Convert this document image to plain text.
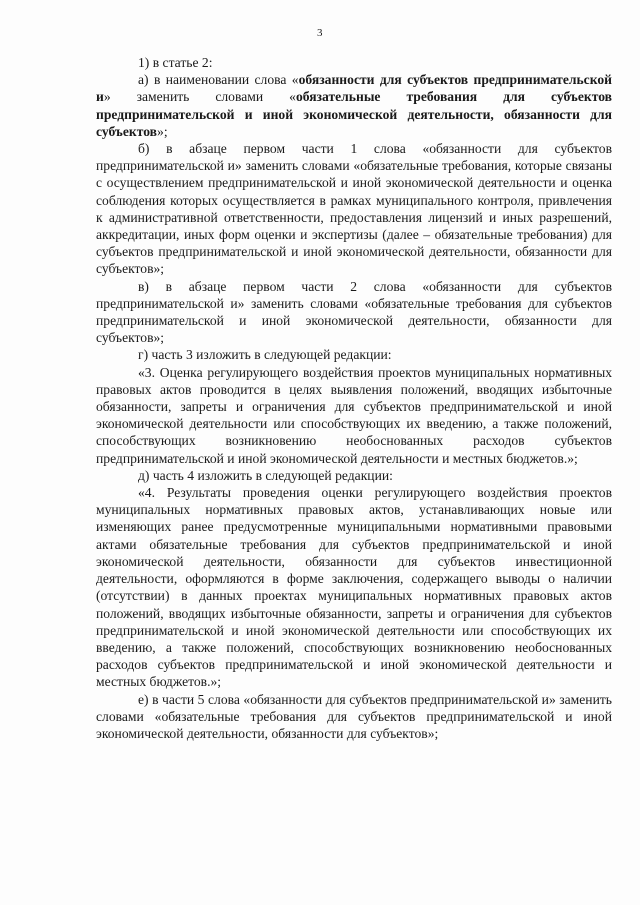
3

1) в статье 2:

а) в наименовании слова «обязанности для субъектов предпринимательской и» заменить словами «обязательные требования для субъектов предпринимательской и иной экономической деятельности, обязанности для субъектов»;

б) в абзаце первом части 1 слова «обязанности для субъектов предпринимательской и» заменить словами «обязательные требования, которые связаны с осуществлением предпринимательской и иной экономической деятельности и оценка соблюдения которых осуществляется в рамках муниципального контроля, привлечения к административной ответственности, предоставления лицензий и иных разрешений, аккредитации, иных форм оценки и экспертизы (далее – обязательные требования) для субъектов предпринимательской и иной экономической деятельности, обязанности для субъектов»;

в) в абзаце первом части 2 слова «обязанности для субъектов предпринимательской и» заменить словами «обязательные требования для субъектов предпринимательской и иной экономической деятельности, обязанности для субъектов»;

г) часть 3 изложить в следующей редакции:

«3. Оценка регулирующего воздействия проектов муниципальных нормативных правовых актов проводится в целях выявления положений, вводящих избыточные обязанности, запреты и ограничения для субъектов предпринимательской и иной экономической деятельности или способствующих их введению, а также положений, способствующих возникновению необоснованных расходов субъектов предпринимательской и иной экономической деятельности и местных бюджетов.»;

д) часть 4 изложить в следующей редакции:

«4. Результаты проведения оценки регулирующего воздействия проектов муниципальных нормативных правовых актов, устанавливающих новые или изменяющих ранее предусмотренные муниципальными нормативными правовыми актами обязательные требования для субъектов предпринимательской и иной экономической деятельности, обязанности для субъектов инвестиционной деятельности, оформляются в форме заключения, содержащего выводы о наличии (отсутствии) в данных проектах муниципальных нормативных правовых актов положений, вводящих избыточные обязанности, запреты и ограничения для субъектов предпринимательской и иной экономической деятельности или способствующих их введению, а также положений, способствующих возникновению необоснованных расходов субъектов предпринимательской и иной экономической деятельности и местных бюджетов.»;

е) в части 5 слова «обязанности для субъектов предпринимательской и» заменить словами «обязательные требования для субъектов предпринимательской и иной экономической деятельности, обязанности для субъектов»;
